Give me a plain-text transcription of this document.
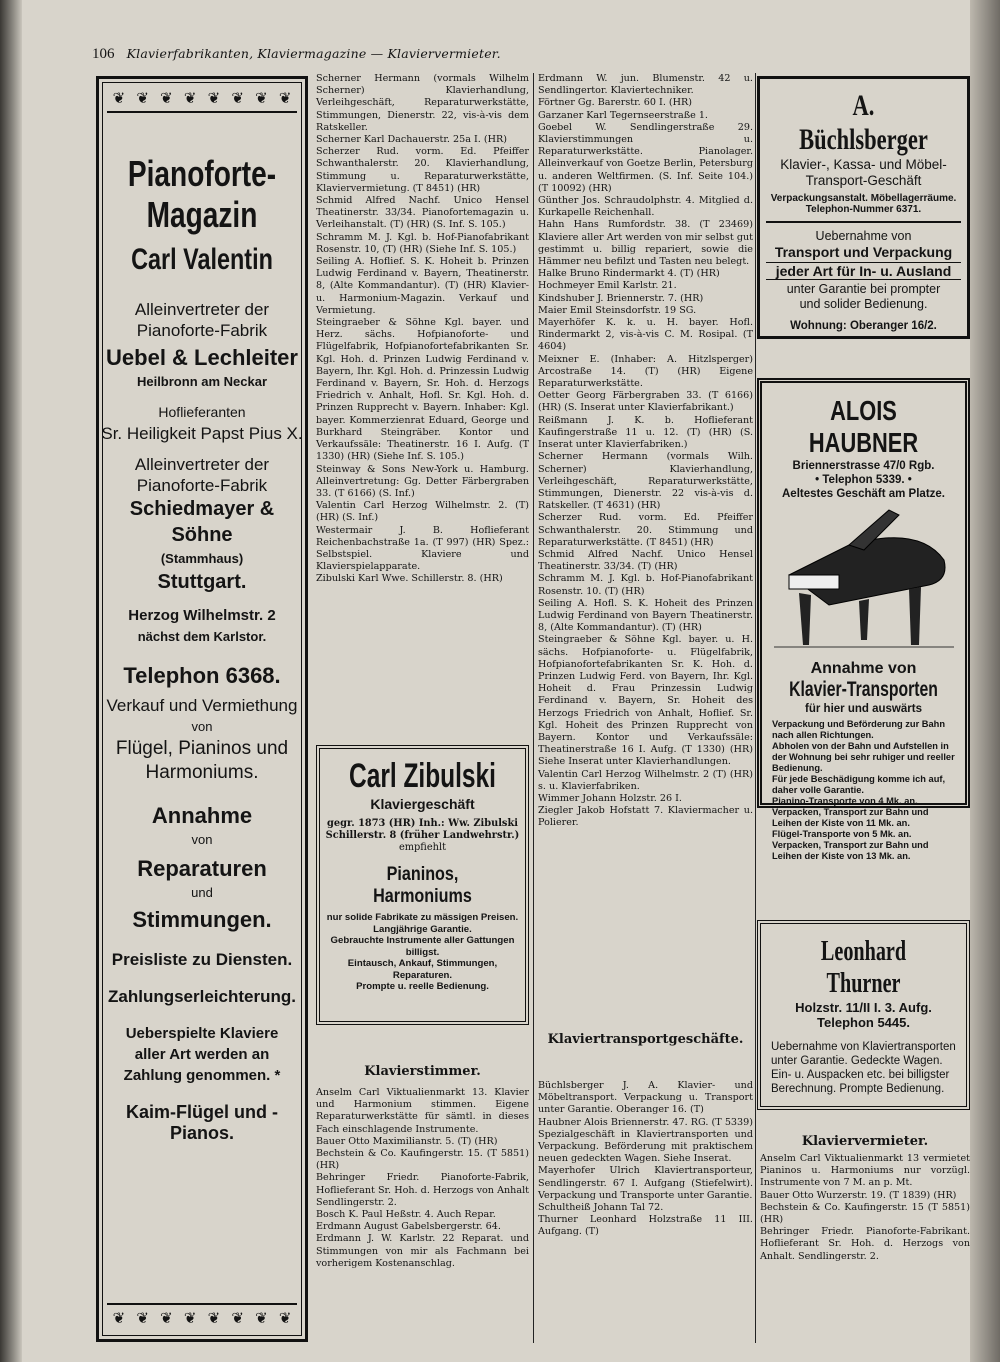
106 Klavierfabrikanten, Klaviermagazine — Klaviervermieter.
❦ ❦ ❦ ❦ ❦ ❦ ❦ ❦
Pianoforte-
Magazin
Carl Valentin
Alleinvertreter der
Pianoforte-Fabrik
Uebel & Lechleiter
Heilbronn am Neckar
Hoflieferanten
Sr. Heiligkeit Papst Pius X.
Alleinvertreter der
Pianoforte-Fabrik
Schiedmayer & Söhne
(Stammhaus)
Stuttgart.
Herzog Wilhelmstr. 2
nächst dem Karlstor.
Telephon 6368.
Verkauf und Vermiethung
von
Flügel, Pianinos und
Harmoniums.
Annahme
von
Reparaturen
und
Stimmungen.
Preisliste zu Diensten.
Zahlungserleichterung.
Ueberspielte Klaviere
aller Art werden an
Zahlung genommen. *
Kaim-Flügel und -Pianos.
❦ ❦ ❦ ❦ ❦ ❦ ❦ ❦

Scherner Hermann (vormals Wilhelm Scherner) Klavierhandlung, Verleihgeschäft, Reparaturwerkstätte, Stimmungen, Dienerstr. 22, vis-à-vis dem Ratskeller.

Scherner Karl Dachauerstr. 25a I. (HR)

Scherzer Rud. vorm. Ed. Pfeiffer Schwanthalerstr. 20. Klavierhandlung, Stimmung u. Reparaturwerkstätte, Klaviervermietung. (T 8451) (HR)

Schmid Alfred Nachf. Unico Hensel Theatinerstr. 33/34. Pianofortemagazin u. Verleihanstalt. (T) (HR) (S. Inf. S. 105.)

Schramm M. J. Kgl. b. Hof-Pianofabrikant Rosenstr. 10, (T) (HR) (Siehe Inf. S. 105.)

Seiling A. Hoflief. S. K. Hoheit b. Prinzen Ludwig Ferdinand v. Bayern, Theatinerstr. 8, (Alte Kommandantur). (T) (HR) Klavier- u. Harmonium-Magazin. Verkauf und Vermietung.

Steingraeber & Söhne Kgl. bayer. und Herz. sächs. Hofpianoforte- und Flügelfabrik, Hofpianofortefabrikanten Sr. Kgl. Hoh. d. Prinzen Ludwig Ferdinand v. Bayern, Ihr. Kgl. Hoh. d. Prinzessin Ludwig Ferdinand v. Bayern, Sr. Hoh. d. Herzogs Friedrich v. Anhalt, Hofl. Sr. Kgl. Hoh. d. Prinzen Rupprecht v. Bayern. Inhaber: Kgl. bayer. Kommerzienrat Eduard, George und Burkhard Steingräber. Kontor und Verkaufssäle: Theatinerstr. 16 I. Aufg. (T 1330) (HR) (Siehe Inf. S. 105.)

Steinway & Sons New-York u. Hamburg. Alleinvertretung: Gg. Detter Färbergraben 33. (T 6166) (S. Inf.)

Valentin Carl Herzog Wilhelmstr. 2. (T) (HR) (S. Inf.)

Westermair J. B. Hoflieferant Reichenbachstraße 1a. (T 997) (HR) Spez.: Selbstspiel. Klaviere und Klavierspielapparate.

Zibulski Karl Wwe. Schillerstr. 8. (HR)

Carl Zibulski
Klaviergeschäft
gegr. 1873 (HR) Inh.: Ww. Zibulski
Schillerstr. 8 (früher Landwehrstr.)
empfiehlt
Pianinos, Harmoniums
nur solide Fabrikate zu mässigen Preisen.
Langjährige Garantie.
Gebrauchte Instrumente aller Gattungen billigst.
Eintausch, Ankauf, Stimmungen, Reparaturen.
Prompte u. reelle Bedienung.
Klavierstimmer.

Anselm Carl Viktualienmarkt 13. Klavier und Harmonium stimmen. Eigene Reparaturwerkstätte für sämtl. in dieses Fach einschlagende Instrumente.

Bauer Otto Maximilianstr. 5. (T) (HR)

Bechstein & Co. Kaufingerstr. 15. (T 5851) (HR)

Behringer Friedr. Pianoforte-Fabrik, Hoflieferant Sr. Hoh. d. Herzogs von Anhalt Sendlingerstr. 2.

Bosch K. Paul Heßstr. 4. Auch Repar.

Erdmann August Gabelsbergerstr. 64.

Erdmann J. W. Karlstr. 22 Reparat. und Stimmungen von mir als Fachmann bei vorherigem Kostenanschlag.

Erdmann W. jun. Blumenstr. 42 u. Sendlingertor. Klaviertechniker.

Förtner Gg. Barerstr. 60 I. (HR)

Garzaner Karl Tegernseerstraße 1.

Goebel W. Sendlingerstraße 29. Klavierstimmungen u. Reparaturwerkstätte. Pianolager. Alleinverkauf von Goetze Berlin, Petersburg u. anderen Weltfirmen. (S. Inf. Seite 104.) (T 10092) (HR)

Günther Jos. Schraudolphstr. 4. Mitglied d. Kurkapelle Reichenhall.

Hahn Hans Rumfordstr. 38. (T 23469) Klaviere aller Art werden von mir selbst gut gestimmt u. billig repariert, sowie die Hämmer neu befilzt und Tasten neu belegt.

Halke Bruno Rindermarkt 4. (T) (HR)

Hochmeyer Emil Karlstr. 21.

Kindshuber J. Briennerstr. 7. (HR)

Maier Emil Steinsdorfstr. 19 SG.

Mayerhöfer K. k. u. H. bayer. Hofl. Rindermarkt 2, vis-à-vis C. M. Rosipal. (T 4604)

Meixner E. (Inhaber: A. Hitzlsperger) Arcostraße 14. (T) (HR) Eigene Reparaturwerkstätte.

Oetter Georg Färbergraben 33. (T 6166) (HR) (S. Inserat unter Klavierfabrikant.)

Reißmann J. K. b. Hoflieferant Kaufingerstraße 11 u. 12. (T) (HR) (S. Inserat unter Klavierfabriken.)

Scherner Hermann (vormals Wilh. Scherner) Klavierhandlung, Verleihgeschäft, Reparaturwerkstätte, Stimmungen, Dienerstr. 22 vis-à-vis d. Ratskeller. (T 4631) (HR)

Scherzer Rud. vorm. Ed. Pfeiffer Schwanthalerstr. 20. Stimmung und Reparaturwerkstätte. (T 8451) (HR)

Schmid Alfred Nachf. Unico Hensel Theatinerstr. 33/34. (T) (HR)

Schramm M. J. Kgl. b. Hof-Pianofabrikant Rosenstr. 10. (T) (HR)

Seiling A. Hofl. S. K. Hoheit des Prinzen Ludwig Ferdinand von Bayern Theatinerstr. 8, (Alte Kommandantur). (T) (HR)

Steingraeber & Söhne Kgl. bayer. u. H. sächs. Hofpianoforte- u. Flügelfabrik, Hofpianofortefabrikanten Sr. K. Hoh. d. Prinzen Ludwig Ferd. von Bayern, Ihr. Kgl. Hoheit d. Frau Prinzessin Ludwig Ferdinand v. Bayern, Sr. Hoheit des Herzogs Friedrich von Anhalt, Hoflief. Sr. Kgl. Hoheit des Prinzen Rupprecht von Bayern. Kontor und Verkaufssäle: Theatinerstraße 16 I. Aufg. (T 1330) (HR) Siehe Inserat unter Klavierhandlungen.

Valentin Carl Herzog Wilhelmstr. 2 (T) (HR) s. u. Klavierfabriken.

Wimmer Johann Holzstr. 26 I.

Ziegler Jakob Hofstatt 7. Klaviermacher u. Polierer.

Klaviertransportgeschäfte.

Büchlsberger J. A. Klavier- und Möbeltransport. Verpackung u. Transport unter Garantie. Oberanger 16. (T)

Haubner Alois Briennerstr. 47. RG. (T 5339) Spezialgeschäft in Klaviertransporten und Verpackung. Beförderung mit praktischem neuen gedeckten Wagen. Siehe Inserat.

Mayerhofer Ulrich Klaviertransporteur, Sendlingerstr. 67 I. Aufgang (Stiefelwirt). Verpackung und Transporte unter Garantie.

Schultheiß Johann Tal 72.

Thurner Leonhard Holzstraße 11 III. Aufgang. (T)

A. Büchlsberger
Klavier-, Kassa- und Möbel-
Transport-Geschäft
Verpackungsanstalt. Möbellagerräume.
Telephon-Nummer 6371.
Uebernahme von
Transport und Verpackung
jeder Art für In- u. Ausland
unter Garantie bei prompter
und solider Bedienung.
Wohnung: Oberanger 16/2.
ALOIS HAUBNER
Briennerstrasse 47/0 Rgb.
• Telephon 5339. •
Aeltestes Geschäft am Platze.
Annahme von
Klavier-Transporten
für hier und auswärts
Verpackung und Beförderung zur Bahn nach allen Richtungen.
Abholen von der Bahn und Aufstellen in der Wohnung bei sehr ruhiger und reeller Bedienung.
Für jede Beschädigung komme ich auf, daher volle Garantie.
Pianino-Transporte von 4 Mk. an.
Verpacken, Transport zur Bahn und Leihen der Kiste von 11 Mk. an.
Flügel-Transporte von 5 Mk. an.
Verpacken, Transport zur Bahn und Leihen der Kiste von 13 Mk. an.
Leonhard Thurner
Holzstr. 11/II I. 3. Aufg.
Telephon 5445.
Uebernahme von Klaviertransporten unter Garantie. Gedeckte Wagen. Ein- u. Auspacken etc. bei billigster Berechnung. Prompte Bedienung.
Klaviervermieter.

Anselm Carl Viktualienmarkt 13 vermietet Pianinos u. Harmoniums nur vorzügl. Instrumente von 7 M. an p. Mt.

Bauer Otto Wurzerstr. 19. (T 1839) (HR)

Bechstein & Co. Kaufingerstr. 15 (T 5851) (HR)

Behringer Friedr. Pianoforte-Fabrikant. Hoflieferant Sr. Hoh. d. Herzogs von Anhalt. Sendlingerstr. 2.
